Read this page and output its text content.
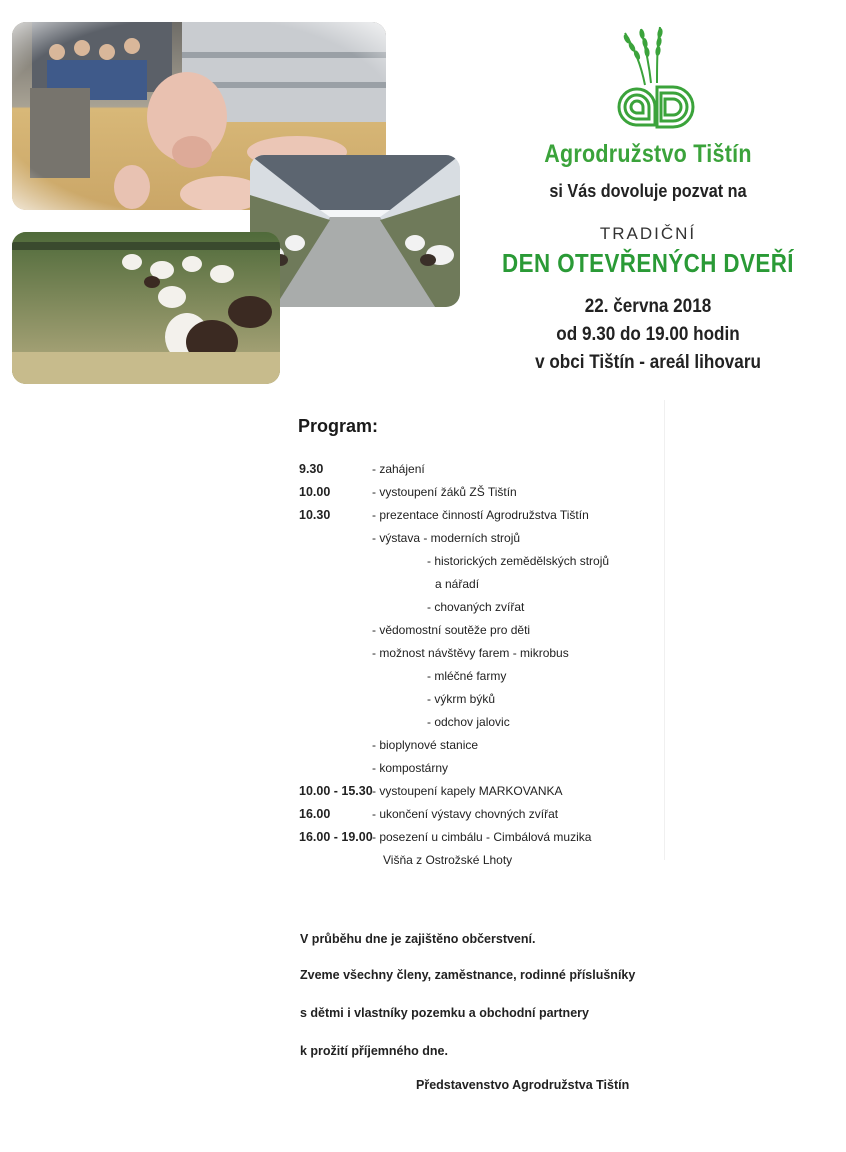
Agrodružstvo Tištín
si Vás dovoluje pozvat na
TRADIČNÍ
DEN OTEVŘENÝCH DVEŘÍ
22. června 2018
od 9.30 do 19.00 hodin
v obci Tištín - areál lihovaru
Program:
9.30	- zahájení
10.00	- vystoupení žáků ZŠ Tištín
10.30	- prezentace činností Agrodružstva Tištín
- výstava - moderních strojů
- historických zemědělských strojů
a nářadí
- chovaných zvířat
- vědomostní soutěže pro děti
- možnost návštěvy farem - mikrobus
- mléčné farmy
- výkrm býků
- odchov jalovic
- bioplynové stanice
- kompostárny
10.00 - 15.30 - vystoupení kapely MARKOVANKA
16.00	- ukončení výstavy chovných zvířat
16.00 - 19.00 - posezení u cimbálu - Cimbálová muzika
Višňa z Ostrožské Lhoty
V průběhu dne je zajištěno občerstvení.
Zveme všechny členy, zaměstnance, rodinné příslušníky
s dětmi i vlastníky pozemku a obchodní partnery
k prožití příjemného dne.
Představenstvo Agrodružstva Tištín
